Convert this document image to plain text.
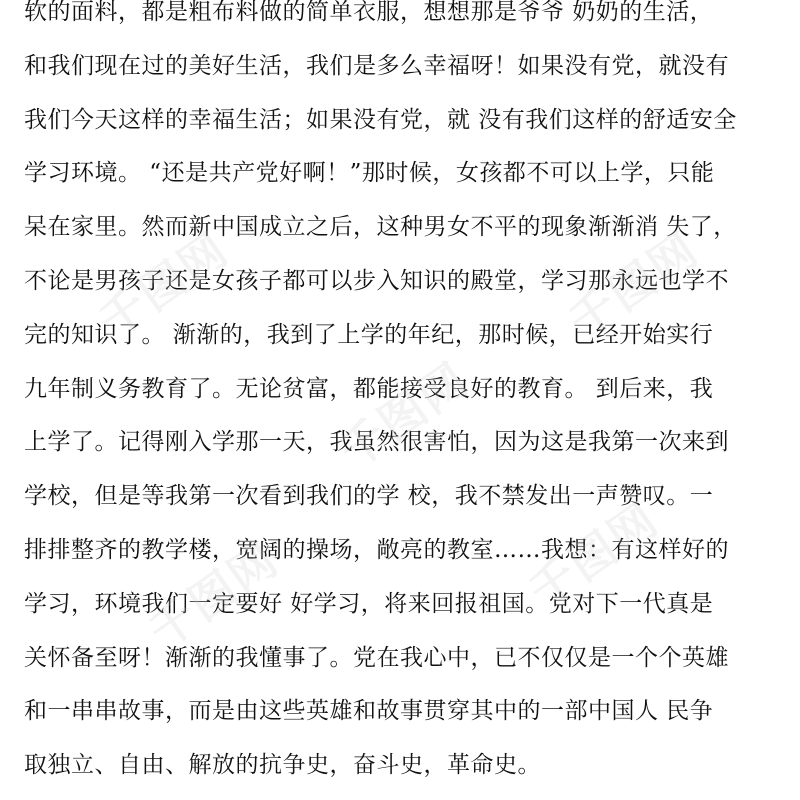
软的面料，都是粗布料做的简单衣服，想想那是爷爷 奶奶的生活，
和我们现在过的美好生活，我们是多么幸福呀！如果没有党，就没有
我们今天这样的幸福生活；如果没有党，就 没有我们这样的舒适安全
学习环境。 “还是共产党好啊！”那时候，女孩都不可以上学，只能
呆在家里。然而新中国成立之后，这种男女不平的现象渐渐消 失了，
不论是男孩子还是女孩子都可以步入知识的殿堂，学习那永远也学不
完的知识了。 渐渐的，我到了上学的年纪，那时候，已经开始实行
九年制义务教育了。无论贫富，都能接受良好的教育。 到后来，我
上学了。记得刚入学那一天，我虽然很害怕，因为这是我第一次来到
学校，但是等我第一次看到我们的学 校，我不禁发出一声赞叹。一
排排整齐的教学楼，宽阔的操场，敞亮的教室……我想：有这样好的
学习，环境我们一定要好 好学习，将来回报祖国。党对下一代真是
关怀备至呀！渐渐的我懂事了。党在我心中，已不仅仅是一个个英雄
和一串串故事，而是由这些英雄和故事贯穿其中的一部中国人 民争
取独立、自由、解放的抗争史，奋斗史，革命史。
千图网	千图网
千图网
千图网	千图网
